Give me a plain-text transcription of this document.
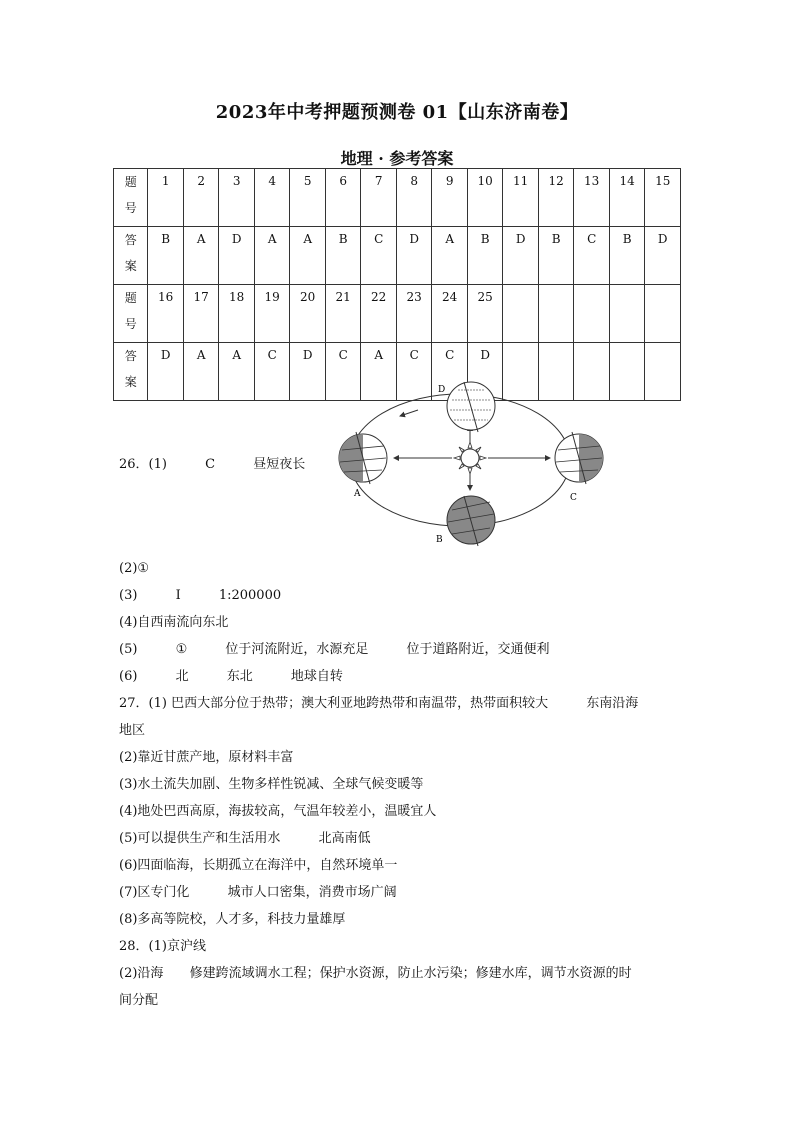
2023年中考押题预测卷 01【山东济南卷】
地理 · 参考答案
题
号	1	2	3	4	5	6	7	8	9	10	11	12	13	14	15
答
案	B	A	D	A	A	B	C	D	A	B	D	B	C	B	D
题
号	16	17	18	19	20	21	22	23	24	25					
答
案	D	A	A	C	D	C	A	C	C	D					
D
A	C
B
26．(1)	C	昼短夜长
(2)①
(3)	Ⅰ	1:200000
(4)自西南流向东北
(5)	①	位于河流附近，水源充足	位于道路附近，交通便利
(6)	北	东北	地球自转
27．(1) 巴西大部分位于热带；澳大利亚地跨热带和南温带，热带面积较大	东南沿海
地区
(2)靠近甘蔗产地，原材料丰富
(3)水土流失加剧、生物多样性锐减、全球气候变暖等
(4)地处巴西高原，海拔较高，气温年较差小，温暖宜人
(5)可以提供生产和生活用水	北高南低
(6)四面临海，长期孤立在海洋中，自然环境单一
(7)区专门化	城市人口密集，消费市场广阔
(8)多高等院校，人才多，科技力量雄厚
28．(1)京沪线
(2)沿海 修建跨流域调水工程；保护水资源，防止水污染；修建水库，调节水资源的时
间分配
